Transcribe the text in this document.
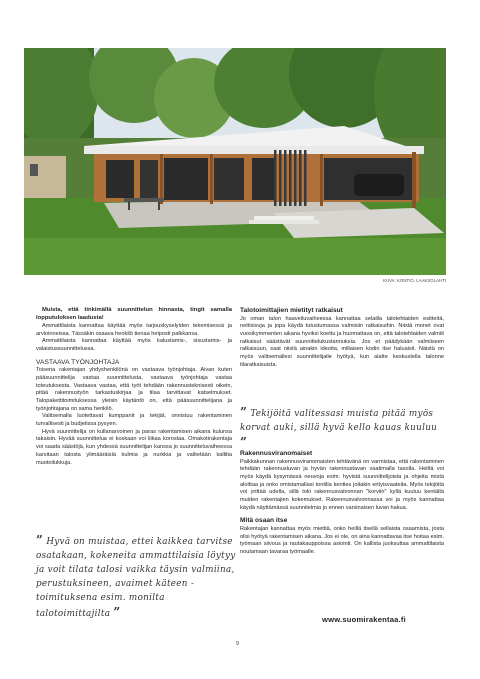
KUVA: KONTIO, LAAKSOLAHTI

Muista, että tinkimällä suunnittelun hinnasta, tingit samalla lopputuloksen laadusta!

Ammattilaista kannattaa käyttää myös tarjouskyselyiden tekemisessä ja arvioinneissa. Tässäkin osaava henkilö tienaa helposti palkkansa.

Ammattilaista kannattaa käyttää myös kalustamis-, sisustamis- ja valaistussuunnittelussa.

VASTAAVA TYÖNJOHTAJA

Toisena rakentajan yhdyshenkilönä on vastaava työnjohtaja. Aivan kuten pääsuunnittelija vastaa suunnittelusta, vastaava työnjohtaja vastaa toteutuksesta. Vastaava vastaa, että työt tehdään rakennusteknisesti oikein, pitää rakennustyön tarkastuskirjaa ja tilaa tarvittavat katselmukset. Talopakettitoimituksessa yleisin käytäntö on, että pääsuunnittelijana ja työnjohtajana on sama henkilö.

Valitsemalla luotettavat kumppanit ja tekijät, onnistuu rakentaminen turvallisesti ja budjetissa pysyen.

Hyvä suunnittelija on kullanarvoinen ja paras rakentamisen aikana kulunsa takaisin. Hyvää suunnittelua ei koskaan voi liikaa korostaa. Omakotirakentaja voi saada säästöjä, kun yhdessä suunnittelijan kanssa jo suunnitteluvaiheessa karsitaan talosta ylimääräisiä kulmia ja nurkkia ja valitetään kalliita muotoilukkuja.

” Hyvä on muistaa, ettei kaikkea tarvitse osatakaan, kokeneita ammattilaisia löytyy ja voit tilata talosi vaikka täysin valmiina, perustuksineen, avaimet käteen -toimituksena esim. monilta talotoimittajilta ”
Talotoimittajien mietityt ratkaisut

Jo oman talon haaveiluvaiheessa kannattaa selailla talotehtaiden esitteitä, nettisivuja ja jopa käydä tutustumassa valmisiin ratkaisuihin. Niistä monet ovat vuosikymmenten aikana hyviksi koettu ja huomattava on, että talotehtaiden valmiit ratkaisut säästävät suunnittelukustannuksia. Jos et päädykään valmiiseen ratkaisuun, saat niistä ainakin ideoita, millaisen kodin itse haluaisit. Näistä on myös valitsemallesi suunnittelijalle hyötyä, kun alatte keskustella talonne tilaratkaisuista.

” Tekijöitä valitessasi muista pitää myös korvat auki, sillä hyvä kello kauas kuuluu ”
Rakennusviranomaiset

Paikkakunnan rakennusviranomaisten tehtävänä on varmistaa, että rakentaminen tehdään rakennusluvan ja hyvän rakennustavan vaatimalla tasolla. Heiltä voi myös käydä kysymässä neuvoja esim. hyvistä suunnittelijoista ja ohjeita mistä aloittaa ja onko omistamallasi tontilla kenties joitakin erityisvaateita. Myös tekijöitä voi yrittää udella, sillä toki rakennusvalvonnan "korviin" kyllä kuuluu kentältä muiden rakentajien kokemukset. Rakennusvalvonnassa voi ja myös kannattaa käydä näyttämässä suunnitelmia jo ennen varsinaisen luvan hakua.

Mitä osaan itse

Rakentajan kannattaa myös miettiä, onko heillä itsellä sellaista osaamista, josta olisi hyötyä rakentamisen aikana. Jos ei ole, on aina kannattavaa itse hoitaa esim. työmaan siivous ja rautakauppoissa asiointi. On kallista juoksuttaa ammattilaista noutamaan tavaraa työmaalle.

www.suomirakentaa.fi
9
